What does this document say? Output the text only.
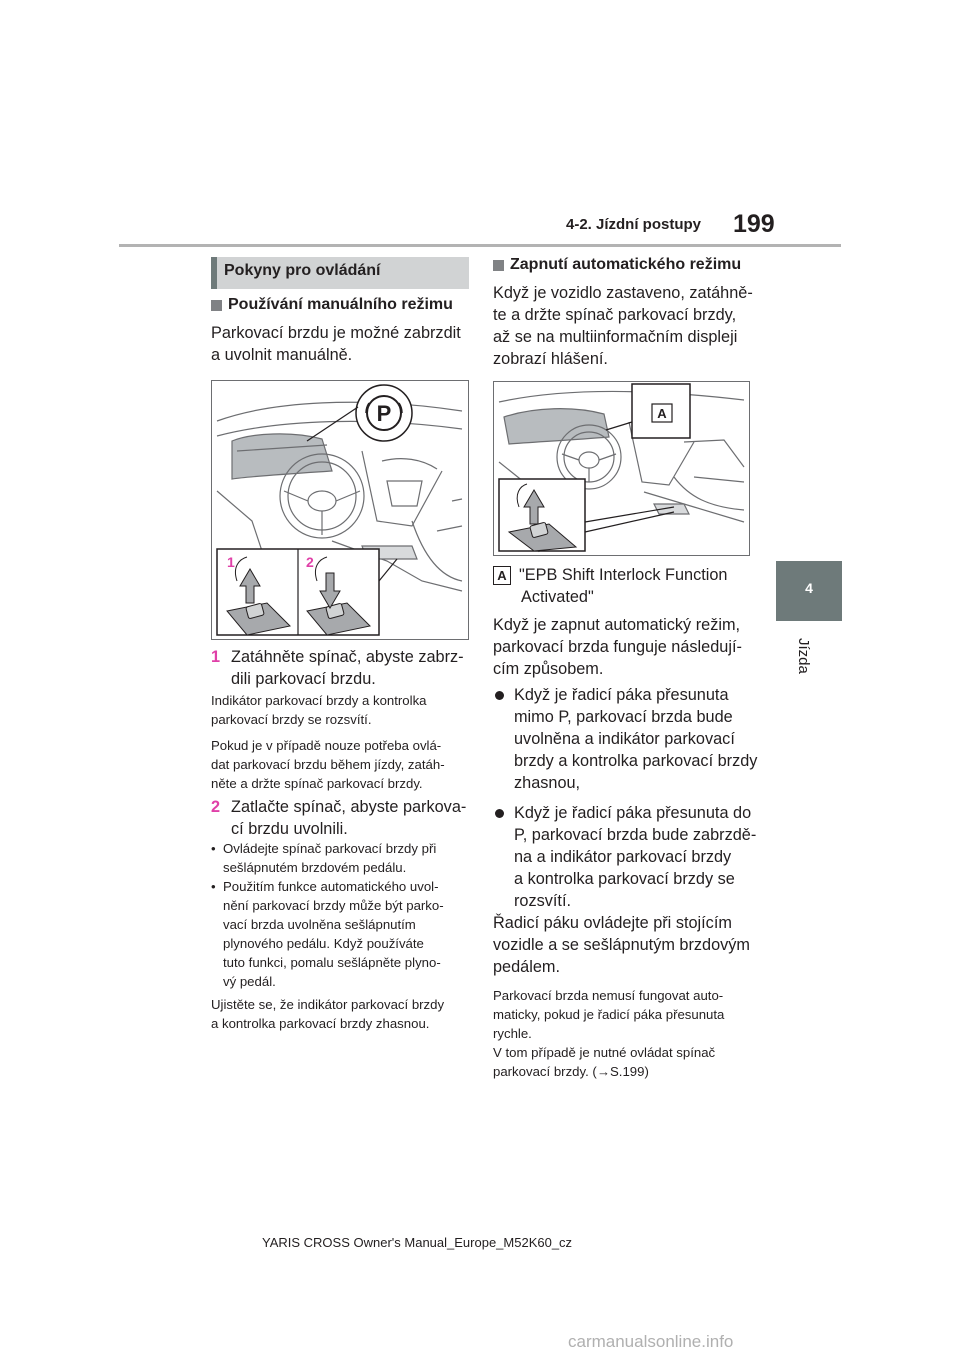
4-2. Jízdní postupy 199
4
Jízda
Pokyny pro ovládání
Používání manuálního režimu
Parkovací brzdu je možné zabrzdit
a uvolnit manuálně.
P
1	2
1 Zatáhněte spínač, abyste zabrz-
dili parkovací brzdu.
Indikátor parkovací brzdy a kontrolka
parkovací brzdy se rozsvítí.
Pokud je v případě nouze potřeba ovlá-
dat parkovací brzdu během jízdy, zatáh-
něte a držte spínač parkovací brzdy.
2 Zatlačte spínač, abyste parkova-
cí brzdu uvolnili.
• Ovládejte spínač parkovací brzdy při
sešlápnutém brzdovém pedálu.
• Použitím funkce automatického uvol-
nění parkovací brzdy může být parko-
vací brzda uvolněna sešlápnutím
plynového pedálu. Když používáte
tuto funkci, pomalu sešlápněte plyno-
vý pedál.
Ujistěte se, že indikátor parkovací brzdy
a kontrolka parkovací brzdy zhasnou.
Zapnutí automatického režimu
Když je vozidlo zastaveno, zatáhně-
te a držte spínač parkovací brzdy,
až se na multiinformačním displeji
zobrazí hlášení.
A
A "EPB Shift Interlock Function
Activated"
Když je zapnut automatický režim,
parkovací brzda funguje následují-
cím způsobem.
Když je řadicí páka přesunuta
mimo P, parkovací brzda bude
uvolněna a indikátor parkovací
brzdy a kontrolka parkovací brzdy
zhasnou,
Když je řadicí páka přesunuta do
P, parkovací brzda bude zabrzdě-
na a indikátor parkovací brzdy
a kontrolka parkovací brzdy se
rozsvítí.
Řadicí páku ovládejte při stojícím
vozidle a se sešlápnutým brzdovým
pedálem.
Parkovací brzda nemusí fungovat auto-
maticky, pokud je řadicí páka přesunuta
rychle.
V tom případě je nutné ovládat spínač
parkovací brzdy. (→S.199)
YARIS CROSS Owner's Manual_Europe_M52K60_cz
carmanualsonline.info
